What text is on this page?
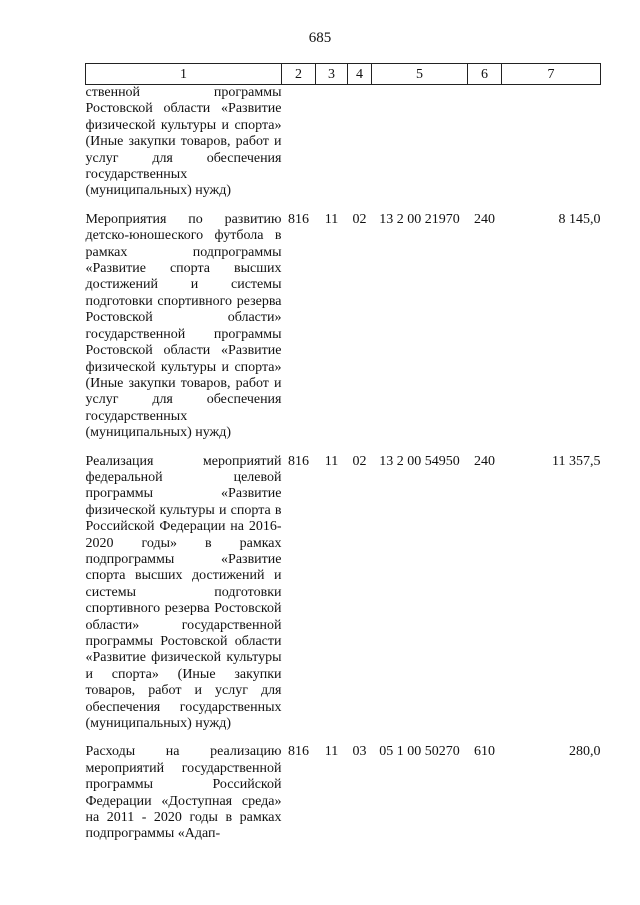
685
1	2	3	4	5	6	7
ственной программы Ростовской области «Развитие физической культуры и спорта» (Иные закупки товаров, работ и услуг для обеспечения государственных (муниципальных) нужд)						

Мероприятия по развитию детско-юношеского футбола в рамках подпрограммы «Развитие спорта высших достижений и системы подготовки спортивного резерва Ростовской области» государственной программы Ростовской области «Развитие физической культуры и спорта» (Иные закупки товаров, работ и услуг для обеспечения государственных (муниципальных) нужд)	816	11	02	13 2 00 21970	240	8 145,0

Реализация мероприятий федеральной целевой программы «Развитие физической культуры и спорта в Российской Федерации на 2016-2020 годы» в рамках подпрограммы «Развитие спорта высших достижений и системы подготовки спортивного резерва Ростовской области» государственной программы Ростовской области «Развитие физической культуры и спорта» (Иные закупки товаров, работ и услуг для обеспечения государственных (муниципальных) нужд)	816	11	02	13 2 00 54950	240	11 357,5

Расходы на реализацию мероприятий государственной программы Российской Федерации «Доступная среда» на 2011 - 2020 годы в рамках подпрограммы «Адап-	816	11	03	05 1 00 50270	610	280,0
